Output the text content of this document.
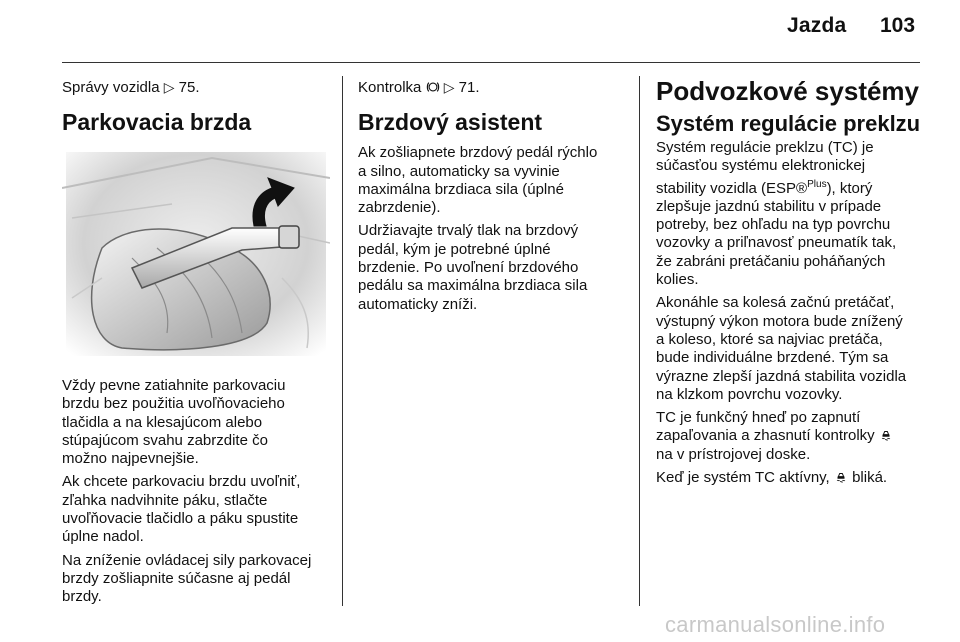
Jazda 103

Správy vozidla ▷ 75.

Parkovacia brzda

Vždy pevne zatiahnite parkovaciu
brzdu bez použitia uvoľňovacieho
tlačidla a na klesajúcom alebo
stúpajúcom svahu zabrzdite čo
možno najpevnejšie.

Ak chcete parkovaciu brzdu uvoľniť,
zľahka nadvihnite páku, stlačte
uvoľňovacie tlačidlo a páku spustite
úplne nadol.

Na zníženie ovládacej sily parkovacej
brzdy zošliapnite súčasne aj pedál
brzdy.

Kontrolka ▷ 71.

Brzdový asistent

Ak zošliapnete brzdový pedál rýchlo
a silno, automaticky sa vyvinie
maximálna brzdiaca sila (úplné
zabrzdenie).

Udržiavajte trvalý tlak na brzdový
pedál, kým je potrebné úplné
brzdenie. Po uvoľnení brzdového
pedálu sa maximálna brzdiaca sila
automaticky zníži.

Podvozkové systémy
Systém regulácie preklzu

Systém regulácie preklzu (TC) je
súčasťou systému elektronickej
stability vozidla (ESP®$^{Plus}$), ktorý
zlepšuje jazdnú stabilitu v prípade
potreby, bez ohľadu na typ povrchu
vozovky a priľnavosť pneumatík tak,
že zabráni pretáčaniu poháňaných
kolies.

Akonáhle sa kolesá začnú pretáčať,
výstupný výkon motora bude znížený
a koleso, ktoré sa najviac pretáča,
bude individuálne brzdené. Tým sa
výrazne zlepší jazdná stabilita vozidla
na klzkom povrchu vozovky.

TC je funkčný hneď po zapnutí
zapaľovania a zhasnutí kontrolky
na v prístrojovej doske.

Keď je systém TC aktívny, bliká.

carmanualsonline.info
